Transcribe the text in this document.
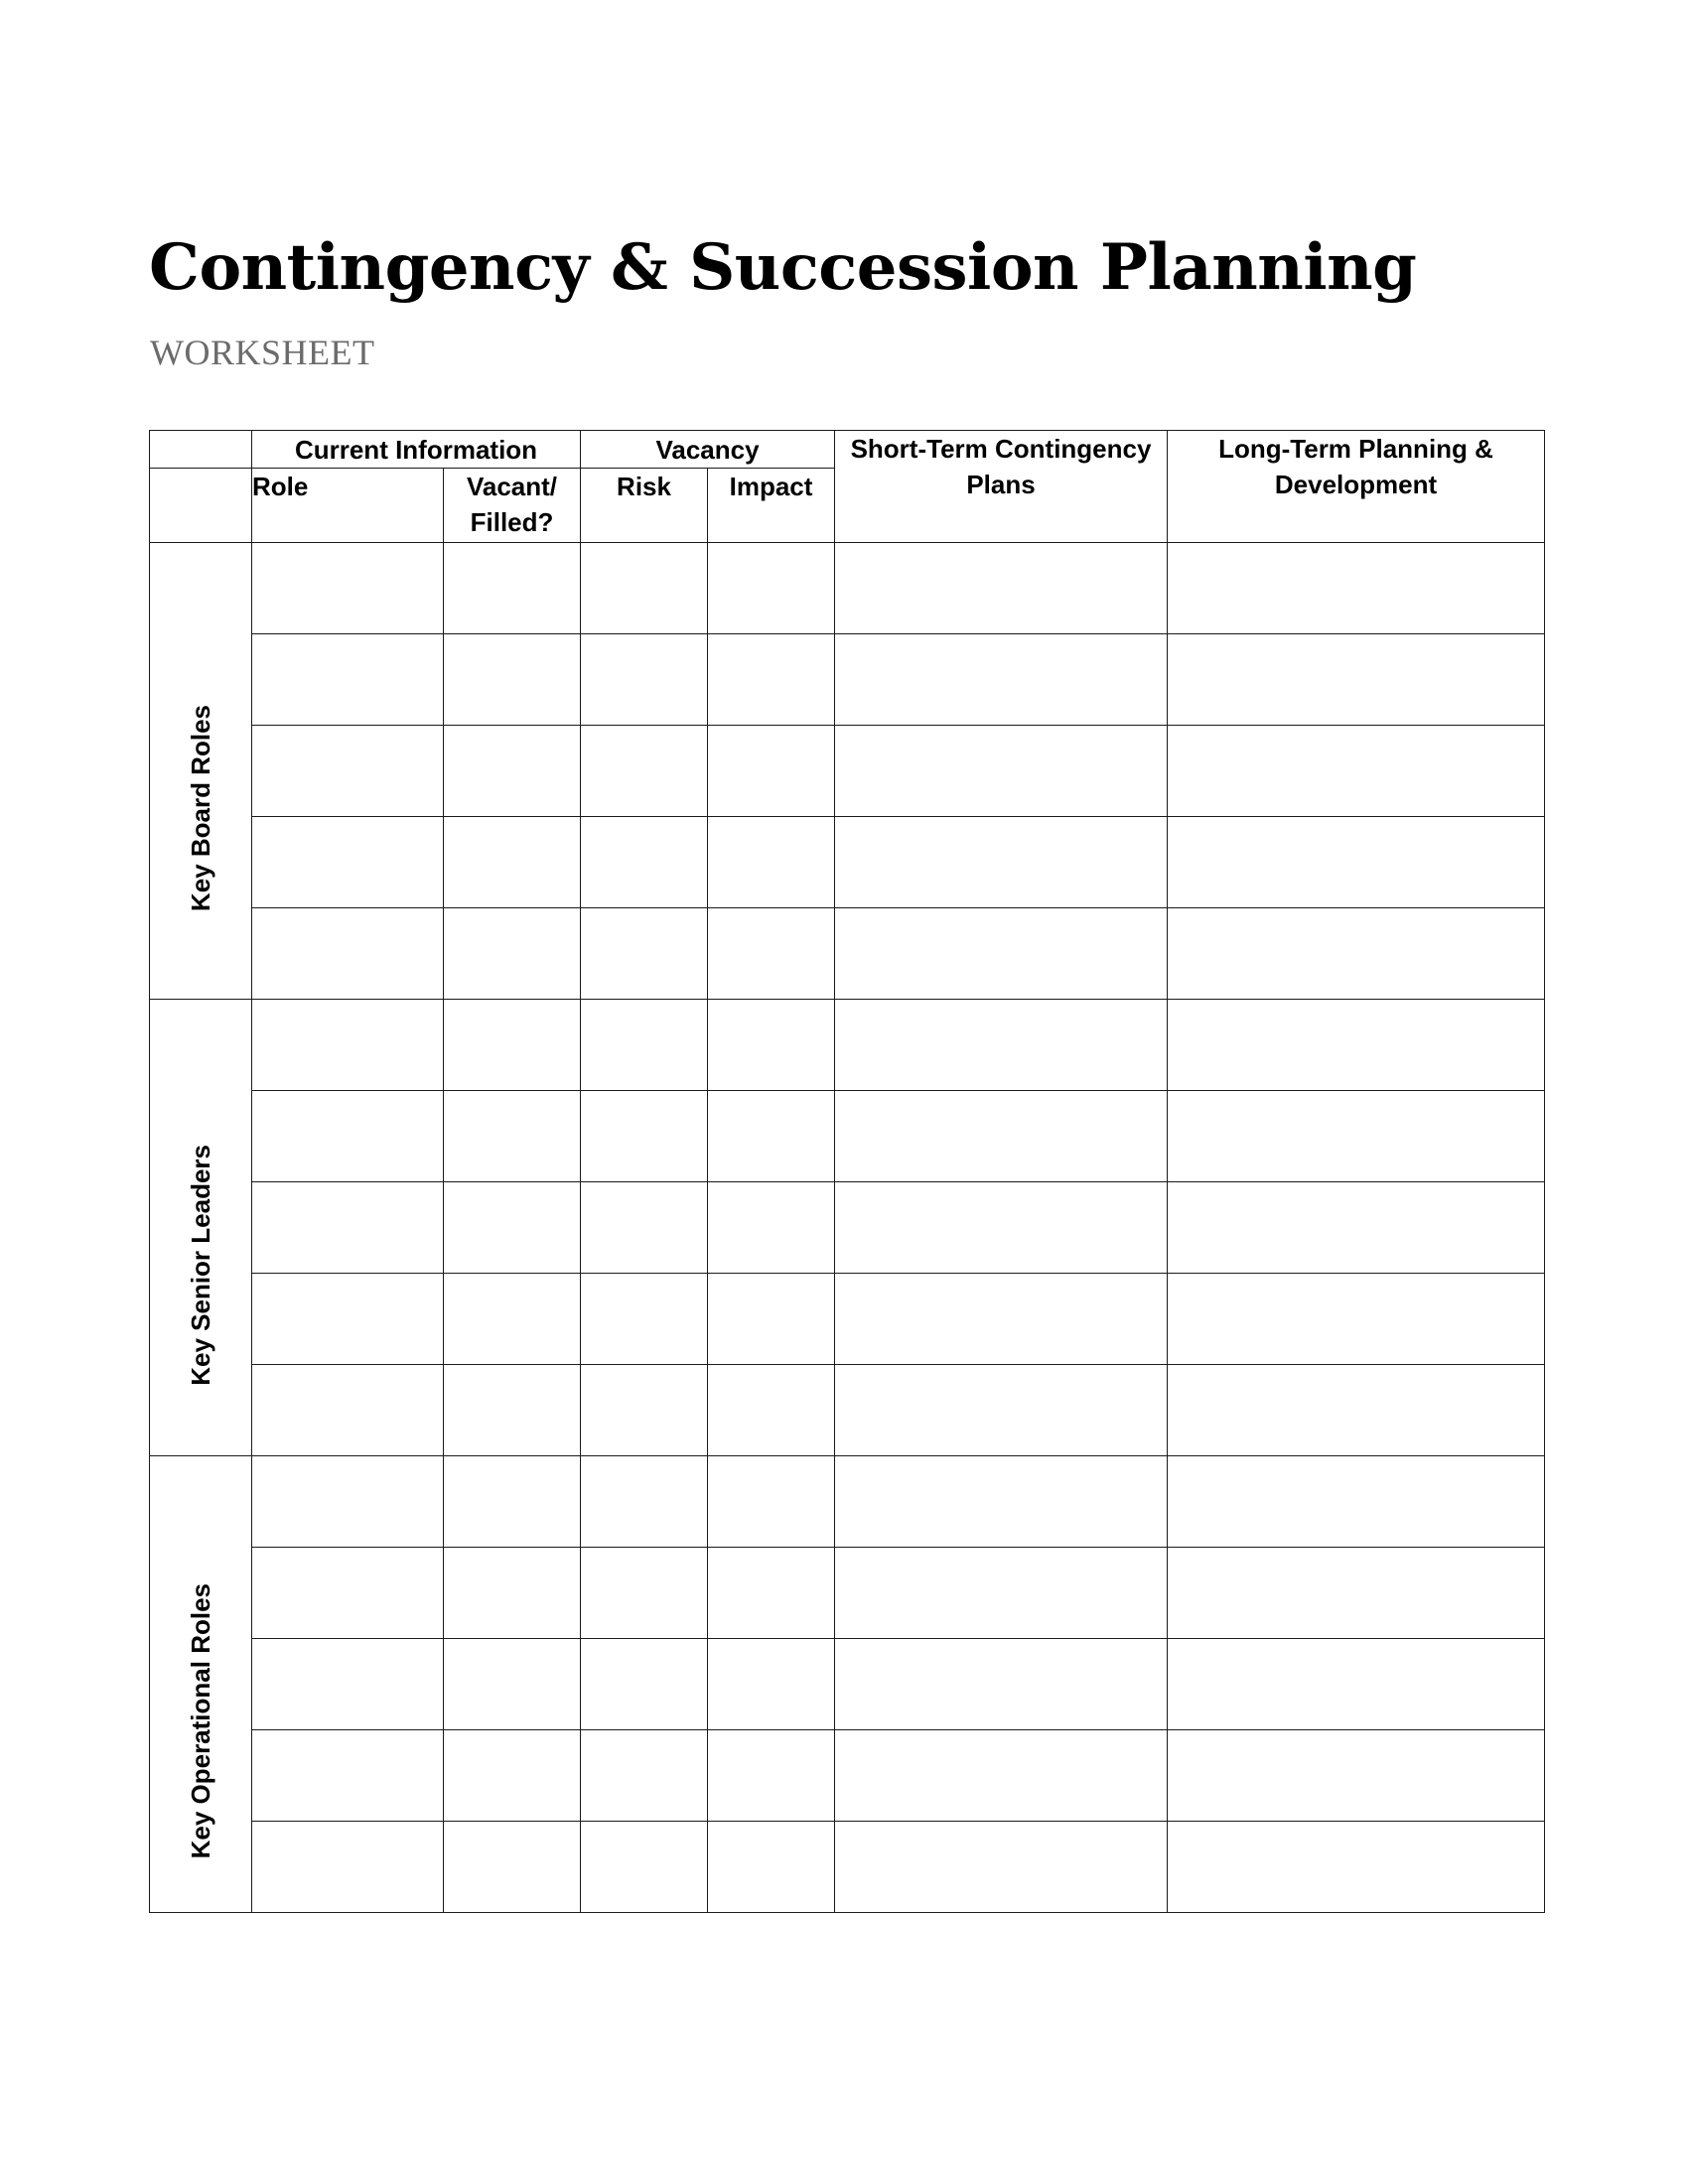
Contingency & Succession Planning
WORKSHEET
	Current Information		Vacancy		Short-Term Contingency Plans	Long-Term Planning & Development
	Role	Vacant/ Filled?	Risk	Impact		
Key Board Roles						

Key Senior Leaders						

Key Operational Roles						
